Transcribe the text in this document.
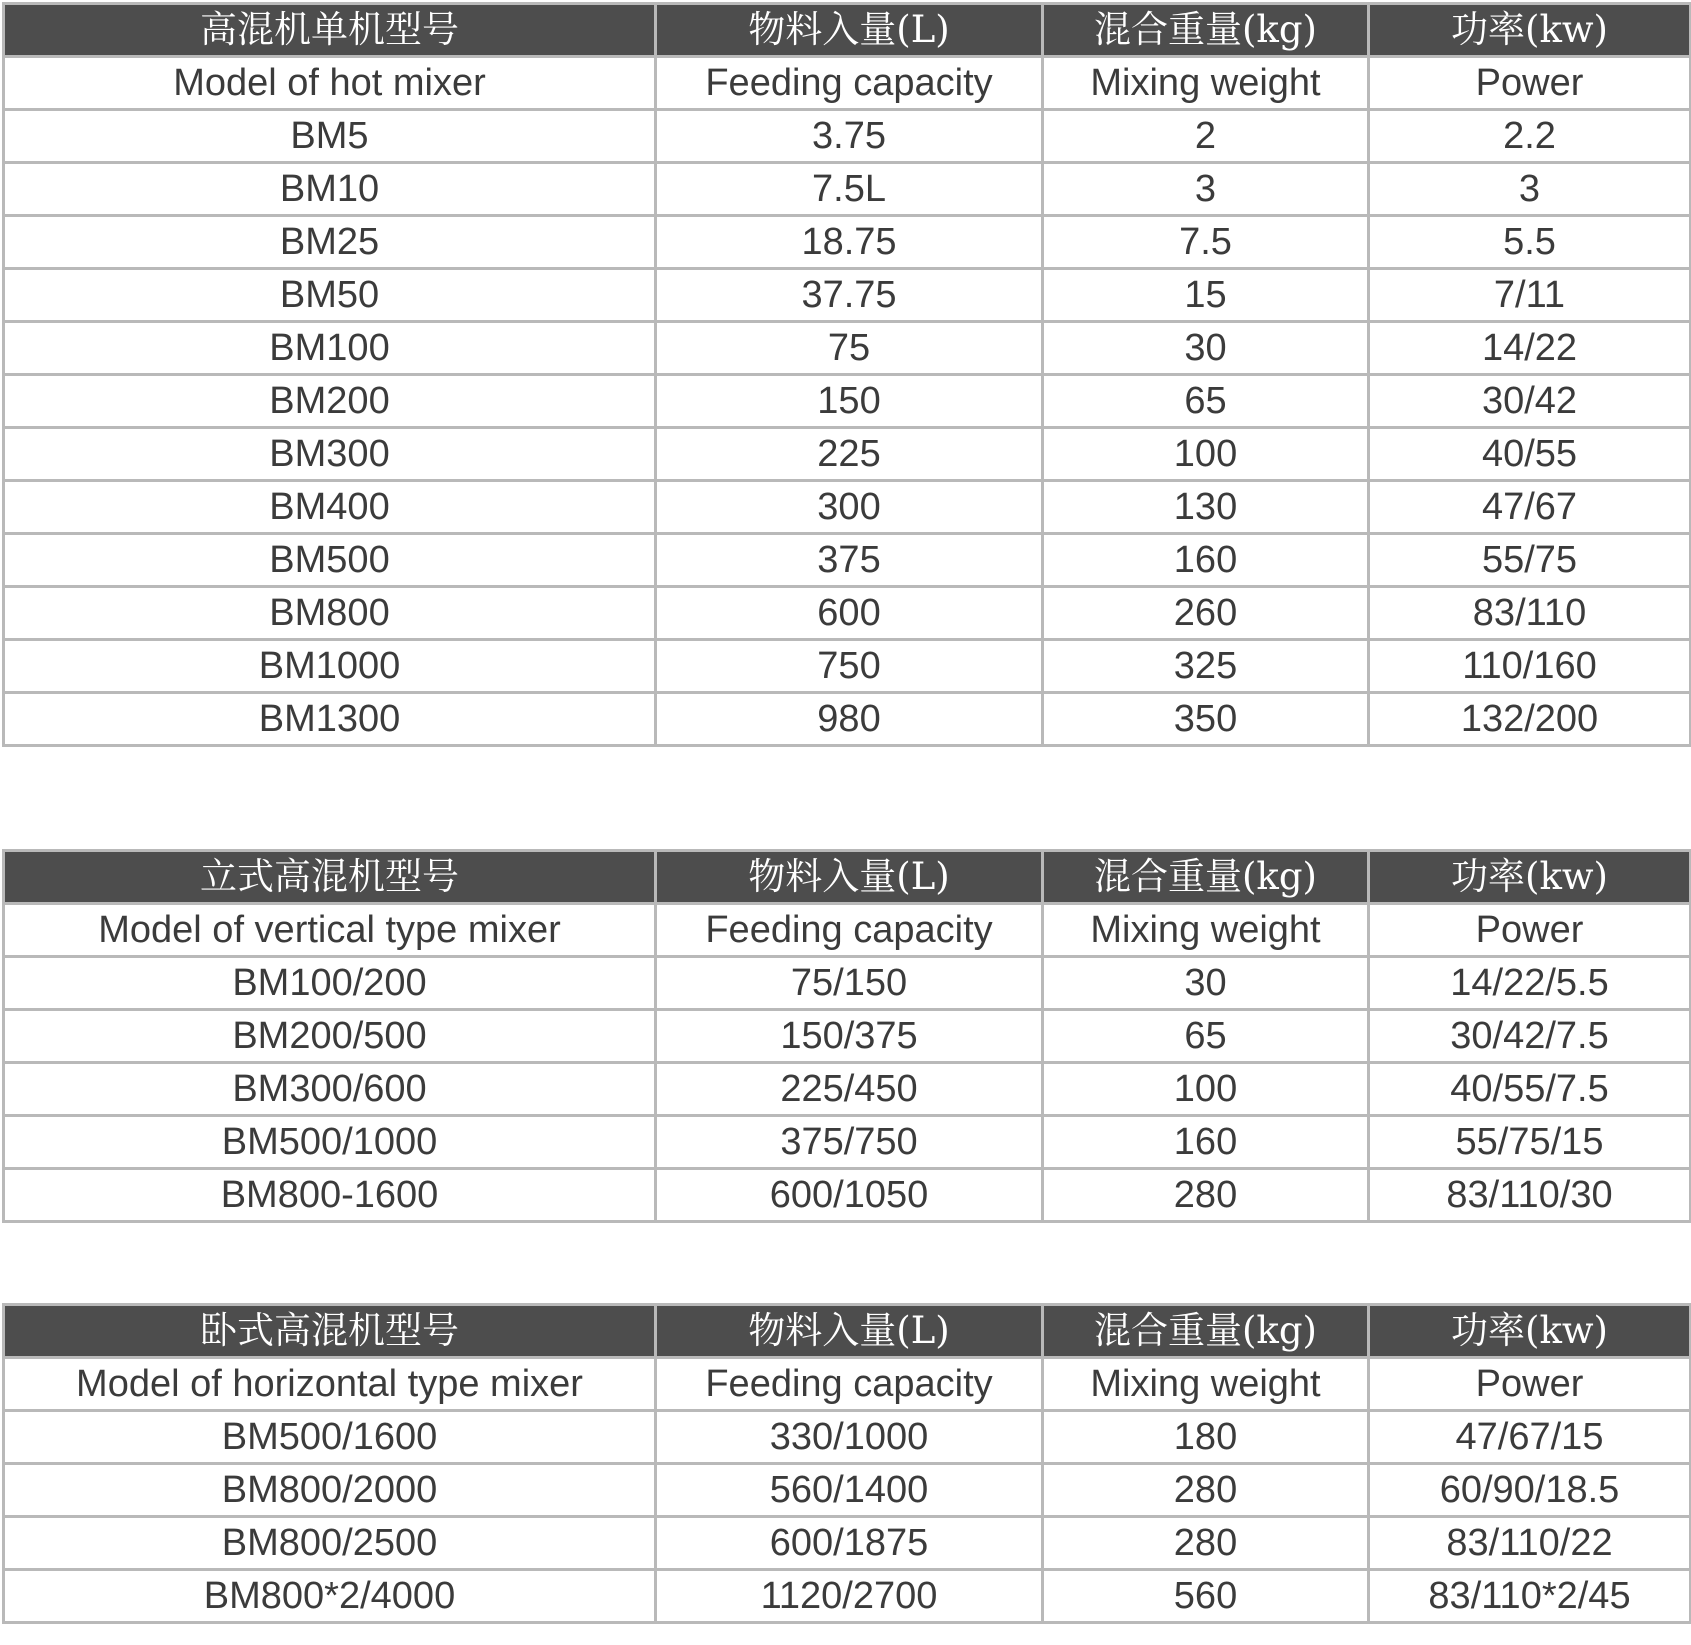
高混机单机型号	物料入量(L)	混合重量(kg)	功率(kw)
Model of hot mixer	Feeding capacity	Mixing weight	Power
BM5	3.75	2	2.2
BM10	7.5L	3	3
BM25	18.75	7.5	5.5
BM50	37.75	15	7/11
BM100	75	30	14/22
BM200	150	65	30/42
BM300	225	100	40/55
BM400	300	130	47/67
BM500	375	160	55/75
BM800	600	260	83/110
BM1000	750	325	110/160
BM1300	980	350	132/200
立式高混机型号	物料入量(L)	混合重量(kg)	功率(kw)
Model of vertical type mixer	Feeding capacity	Mixing weight	Power
BM100/200	75/150	30	14/22/5.5
BM200/500	150/375	65	30/42/7.5
BM300/600	225/450	100	40/55/7.5
BM500/1000	375/750	160	55/75/15
BM800-1600	600/1050	280	83/110/30
卧式高混机型号	物料入量(L)	混合重量(kg)	功率(kw)
Model of horizontal type mixer	Feeding capacity	Mixing weight	Power
BM500/1600	330/1000	180	47/67/15
BM800/2000	560/1400	280	60/90/18.5
BM800/2500	600/1875	280	83/110/22
BM800*2/4000	1120/2700	560	83/110*2/45
